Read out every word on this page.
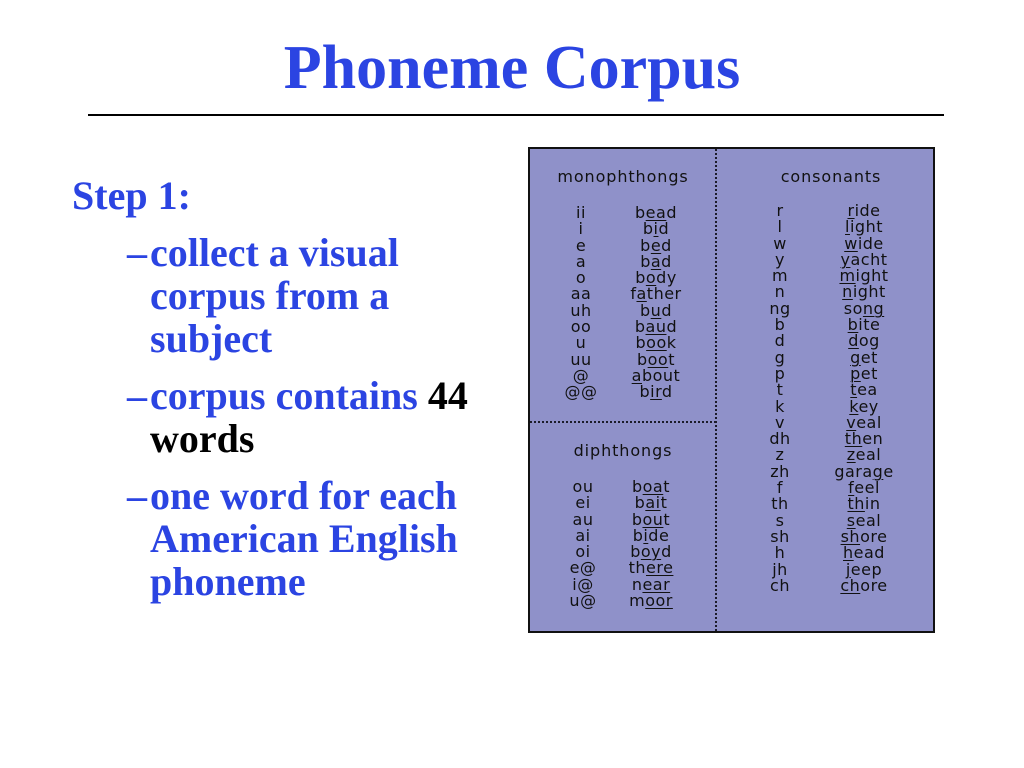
Phoneme Corpus
Step 1:
– collect a visual corpus from a subject
– corpus contains 44 words
– one word for each American English phoneme
monophthongs
ii	bead
i	bid
e	bed
a	bad
o	body
aa	father
uh	bud
oo	baud
u	book
uu	boot
@	about
@@	bird
diphthongs
ou	boat
ei	bait
au	bout
ai	bide
oi	boyd
e@	there
i@	near
u@	moor
consonants
r	ride
l	light
w	wide
y	yacht
m	might
n	night
ng	song
b	bite
d	dog
g	get
p	pet
t	tea
k	key
v	veal
dh	then
z	zeal
zh	garage
f	feel
th	thin
s	seal
sh	shore
h	head
jh	jeep
ch	chore
